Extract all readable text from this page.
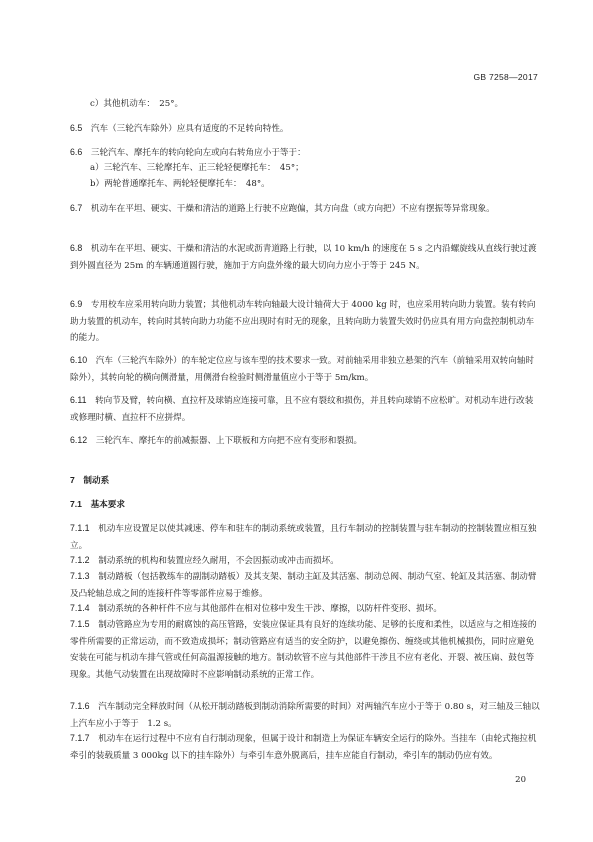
GB 7258—2017

c）其他机动车：　25°。

6.5　 汽车（三轮汽车除外）应具有适度的不足转向特性。

6.6　 三轮汽车、摩托车的转向轮向左或向右转角应小于等于：

a）三轮汽车、三轮摩托车、正三轮轻便摩托车：　45°；

b）两轮普通摩托车、两轮轻便摩托车：　48°。

6.7　 机动车在平坦、硬实、干燥和清洁的道路上行驶不应跑偏，其方向盘（或方向把）不应有摆振等异常现象。

6.8　 机动车在平坦、硬实、干燥和清洁的水泥或沥青道路上行驶，以 10 km/h 的速度在 5 s 之内沿螺旋线从直线行驶过渡到外圆直径为 25m 的车辆通道圆行驶，施加于方向盘外缘的最大切向力应小于等于 245 N。

6.9　 专用校车应采用转向助力装置；其他机动车转向轴最大设计轴荷大于 4000 kg 时，也应采用转向助力装置。装有转向助力装置的机动车，转向时其转向助力功能不应出现时有时无的现象，且转向助力装置失效时仍应具有用方向盘控制机动车的能力。

6.10　 汽车（三轮汽车除外）的车轮定位应与该车型的技术要求一致。对前轴采用非独立悬架的汽车（前轴采用双转向轴时除外），其转向轮的横向侧滑量，用侧滑台检验时侧滑量值应小于等于 5m/km。

6.11　 转向节及臂，转向横、直拉杆及球销应连接可靠，且不应有裂纹和损伤，并且转向球销不应松旷。对机动车进行改装或修理时横、直拉杆不应拼焊。

6.12　 三轮汽车、摩托车的前减振器、上下联板和方向把不应有变形和裂损。

7　 制动系

7.1　 基本要求

7.1.1　 机动车应设置足以使其减速、停车和驻车的制动系统或装置，且行车制动的控制装置与驻车制动的控制装置应相互独立。

7.1.2　 制动系统的机构和装置应经久耐用，不会因振动或冲击而损坏。

7.1.3　 制动踏板（包括教练车的副制动踏板）及其支架、制动主缸及其活塞、制动总阀、制动气室、轮缸及其活塞、制动臂及凸轮轴总成之间的连接杆件等零部件应易于维修。

7.1.4　 制动系统的各种杆件不应与其他部件在相对位移中发生干涉、摩擦，以防杆件变形、损坏。

7.1.5　 制动管路应为专用的耐腐蚀的高压管路，安装应保证具有良好的连续功能、足够的长度和柔性，以适应与之相连接的零件所需要的正常运动，而不致造成损坏；制动管路应有适当的安全防护，以避免擦伤、缠绕或其他机械损伤，同时应避免安装在可能与机动车排气管或任何高温源接触的地方。制动软管不应与其他部件干涉且不应有老化、开裂、被压扁、鼓包等现象。其他气动装置在出现故障时不应影响制动系统的正常工作。

7.1.6　 汽车制动完全释放时间（从松开制动踏板到制动消除所需要的时间）对两轴汽车应小于等于 0.80 s，对三轴及三轴以上汽车应小于等于　1.2 s。

7.1.7　 机动车在运行过程中不应有自行制动现象，但属于设计和制造上为保证车辆安全运行的除外。当挂车（由轮式拖拉机牵引的装载质量 3 000kg 以下的挂车除外）与牵引车意外脱离后，挂车应能自行制动，牵引车的制动仍应有效。

20
